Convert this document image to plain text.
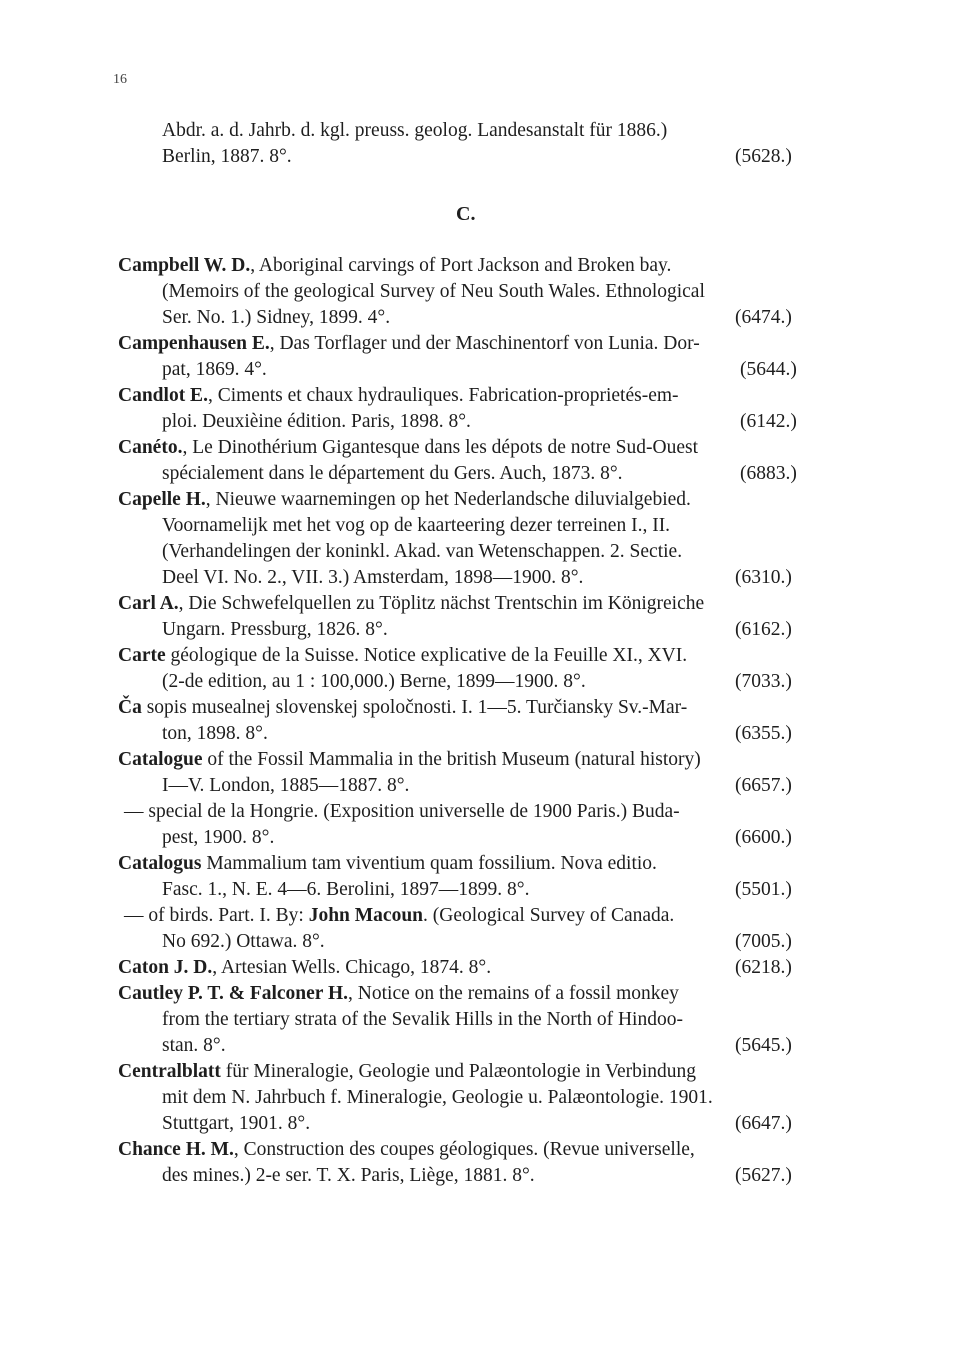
16
C.
Abdr. a. d. Jahrb. d. kgl. preuss. geolog. Landesanstalt für 1886.)
Berlin, 1887. 8°.	(5628.)
Campbell W. D., Aboriginal carvings of Port Jackson and Broken bay.
(Memoirs of the geological Survey of Neu South Wales. Ethnological
Ser. No. 1.) Sidney, 1899. 4°.	(6474.)
Campenhausen E., Das Torflager und der Maschinentorf von Lunia. Dor-
pat, 1869. 4°.	(5644.)
Candlot E., Ciments et chaux hydrauliques. Fabrication-proprietés-em-
ploi. Deuxièine édition. Paris, 1898. 8°.	(6142.)
Canéto., Le Dinothérium Gigantesque dans les dépots de notre Sud-Ouest
spécialement dans le département du Gers. Auch, 1873. 8°.	(6883.)
Capelle H., Nieuwe waarnemingen op het Nederlandsche diluvialgebied.
Voornamelijk met het vog op de kaarteering dezer terreinen I., II.
(Verhandelingen der koninkl. Akad. van Wetenschappen. 2. Sectie.
Deel VI. No. 2., VII. 3.) Amsterdam, 1898—1900. 8°.	(6310.)
Carl A., Die Schwefelquellen zu Töplitz nächst Trentschin im Königreiche
Ungarn. Pressburg, 1826. 8°.	(6162.)
Carte géologique de la Suisse. Notice explicative de la Feuille XI., XVI.
(2-de edition, au 1 : 100,000.) Berne, 1899—1900. 8°.	(7033.)
Ča sopis musealnej slovenskej spoločnosti. I. 1—5. Turčiansky Sv.-Mar-
ton, 1898. 8°.	(6355.)
Catalogue of the Fossil Mammalia in the british Museum (natural history)
I—V. London, 1885—1887. 8°.	(6657.)
— special de la Hongrie. (Exposition universelle de 1900 Paris.) Buda-
pest, 1900. 8°.	(6600.)
Catalogus Mammalium tam viventium quam fossilium. Nova editio.
Fasc. 1., N. E. 4—6. Berolini, 1897—1899. 8°.	(5501.)
— of birds. Part. I. By: John Macoun. (Geological Survey of Canada.
No 692.) Ottawa. 8°.	(7005.)
Caton J. D., Artesian Wells. Chicago, 1874. 8°.	(6218.)
Cautley P. T. & Falconer H., Notice on the remains of a fossil monkey
from the tertiary strata of the Sevalik Hills in the North of Hindoo-
stan. 8°.	(5645.)
Centralblatt für Mineralogie, Geologie und Palæontologie in Verbindung
mit dem N. Jahrbuch f. Mineralogie, Geologie u. Palæontologie. 1901.
Stuttgart, 1901. 8°.	(6647.)
Chance H. M., Construction des coupes géologiques. (Revue universelle,
des mines.) 2-e ser. T. X. Paris, Liège, 1881. 8°.	(5627.)
